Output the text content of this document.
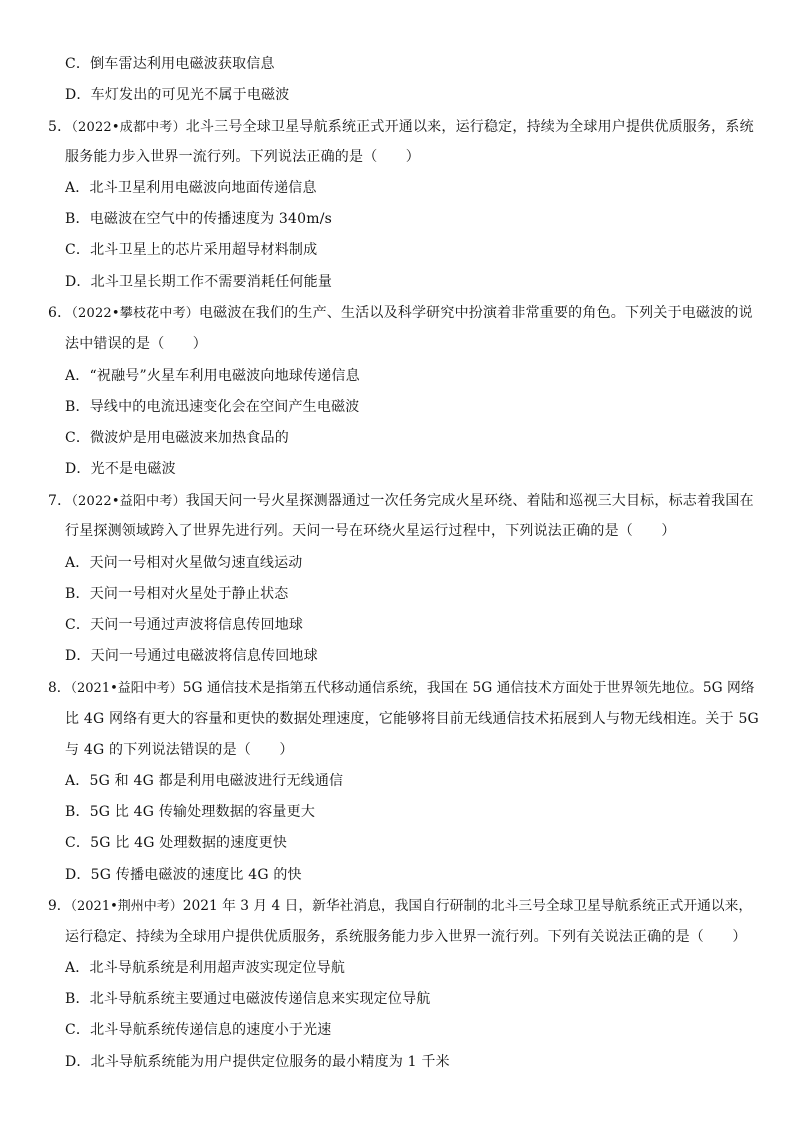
C．倒车雷达利用电磁波获取信息
D．车灯发出的可见光不属于电磁波
5．（2022•成都中考）北斗三号全球卫星导航系统正式开通以来，运行稳定，持续为全球用户提供优质服务，系统
服务能力步入世界一流行列。下列说法正确的是（　　）
A．北斗卫星利用电磁波向地面传递信息
B．电磁波在空气中的传播速度为 340m/s
C．北斗卫星上的芯片采用超导材料制成
D．北斗卫星长期工作不需要消耗任何能量
6．（2022•攀枝花中考）电磁波在我们的生产、生活以及科学研究中扮演着非常重要的角色。下列关于电磁波的说
法中错误的是（　　）
A．“祝融号”火星车利用电磁波向地球传递信息
B．导线中的电流迅速变化会在空间产生电磁波
C．微波炉是用电磁波来加热食品的
D．光不是电磁波
7．（2022•益阳中考）我国天问一号火星探测器通过一次任务完成火星环绕、着陆和巡视三大目标，标志着我国在
行星探测领域跨入了世界先进行列。天问一号在环绕火星运行过程中，下列说法正确的是（　　）
A．天问一号相对火星做匀速直线运动
B．天问一号相对火星处于静止状态
C．天问一号通过声波将信息传回地球
D．天问一号通过电磁波将信息传回地球
8．（2021•益阳中考）5G 通信技术是指第五代移动通信系统，我国在 5G 通信技术方面处于世界领先地位。5G 网络
比 4G 网络有更大的容量和更快的数据处理速度，它能够将目前无线通信技术拓展到人与物无线相连。关于 5G
与 4G 的下列说法错误的是（　　）
A．5G 和 4G 都是利用电磁波进行无线通信
B．5G 比 4G 传输处理数据的容量更大
C．5G 比 4G 处理数据的速度更快
D．5G 传播电磁波的速度比 4G 的快
9．（2021•荆州中考）2021 年 3 月 4 日，新华社消息，我国自行研制的北斗三号全球卫星导航系统正式开通以来，
运行稳定、持续为全球用户提供优质服务，系统服务能力步入世界一流行列。下列有关说法正确的是（　　）
A．北斗导航系统是利用超声波实现定位导航
B．北斗导航系统主要通过电磁波传递信息来实现定位导航
C．北斗导航系统传递信息的速度小于光速
D．北斗导航系统能为用户提供定位服务的最小精度为 1 千米
